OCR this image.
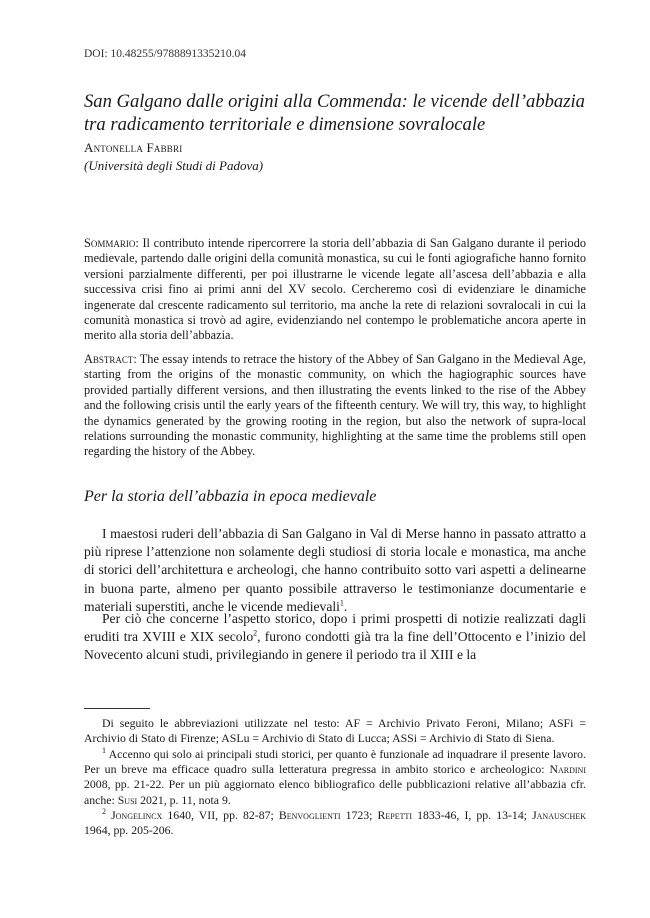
DOI: 10.48255/9788891335210.04
San Galgano dalle origini alla Commenda: le vicende dell’abbazia tra radicamento territoriale e dimensione sovralocale
Antonella Fabbri
(Università degli Studi di Padova)

Sommario: Il contributo intende ripercorrere la storia dell’abbazia di San Galgano durante il periodo medievale, partendo dalle origini della comunità monastica, su cui le fonti agiografiche hanno fornito versioni parzialmente differenti, per poi illustrarne le vicende legate all’ascesa dell’abbazia e alla successiva crisi fino ai primi anni del XV secolo. Cercheremo così di evidenziare le dinamiche ingenerate dal crescente radicamento sul territorio, ma anche la rete di relazioni sovralocali in cui la comunità monastica si trovò ad agire, evidenziando nel contempo le problematiche ancora aperte in merito alla storia dell’abbazia.

Abstract: The essay intends to retrace the history of the Abbey of San Galgano in the Medieval Age, starting from the origins of the monastic community, on which the hagiographic sources have provided partially different versions, and then illustrating the events linked to the rise of the Abbey and the following crisis until the early years of the fifteenth century. We will try, this way, to highlight the dynamics generated by the growing rooting in the region, but also the network of supra-local relations surrounding the monastic community, highlighting at the same time the problems still open regarding the history of the Abbey.

Per la storia dell’abbazia in epoca medievale

I maestosi ruderi dell’abbazia di San Galgano in Val di Merse hanno in passato attratto a più riprese l’attenzione non solamente degli studiosi di storia locale e monastica, ma anche di storici dell’architettura e archeologi, che hanno contribuito sotto vari aspetti a delinearne in buona parte, almeno per quanto possibile attraverso le testimonianze documentarie e materiali superstiti, anche le vicende medievali$^1$.

Per ciò che concerne l’aspetto storico, dopo i primi prospetti di notizie realizzati dagli eruditi tra XVIII e XIX secolo$^2$, furono condotti già tra la fine dell’Ottocento e l’inizio del Novecento alcuni studi, privilegiando in genere il periodo tra il XIII e la

Di seguito le abbreviazioni utilizzate nel testo: AF = Archivio Privato Feroni, Milano; ASFi = Archivio di Stato di Firenze; ASLu = Archivio di Stato di Lucca; ASSi = Archivio di Stato di Siena.

$^1$ Accenno qui solo ai principali studi storici, per quanto è funzionale ad inquadrare il presente lavoro. Per un breve ma efficace quadro sulla letteratura pregressa in ambito storico e archeologico: Nardini 2008, pp. 21-22. Per un più aggiornato elenco bibliografico delle pubblicazioni relative all’abbazia cfr. anche: Susi 2021, p. 11, nota 9.

$^2$ Jongelincx 1640, VII, pp. 82-87; Benvoglienti 1723; Repetti 1833-46, I, pp. 13-14; Janauschek 1964, pp. 205-206.
